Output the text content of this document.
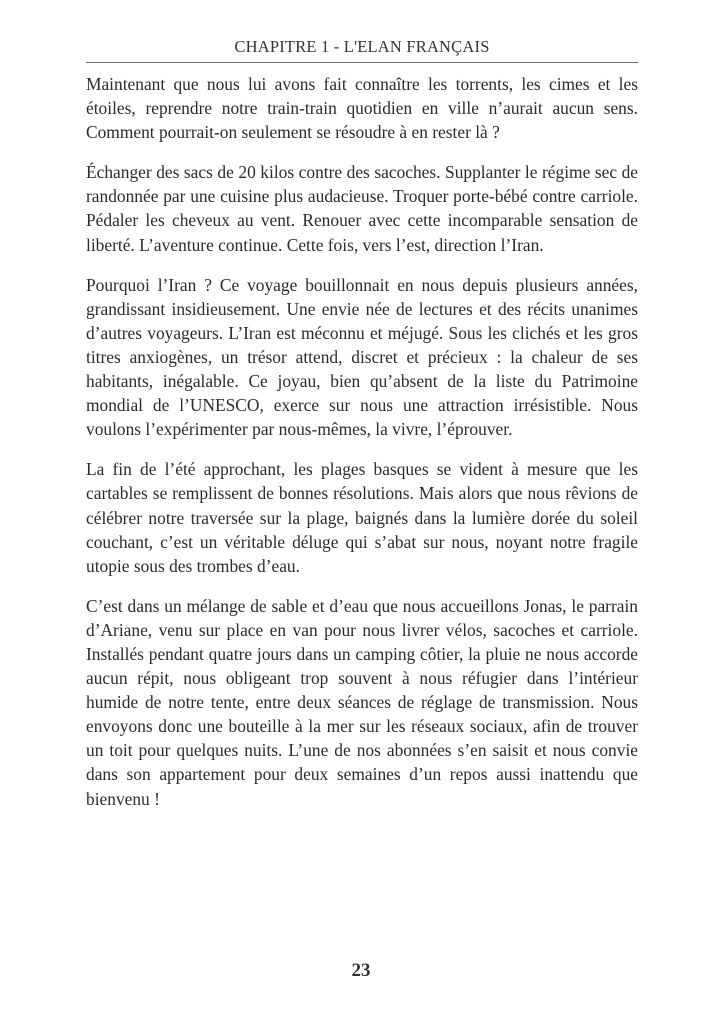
CHAPITRE 1 - L'ELAN FRANÇAIS

Maintenant que nous lui avons fait connaître les torrents, les cimes et les étoiles, reprendre notre train-train quotidien en ville n’aurait aucun sens. Comment pourrait-on seulement se résoudre à en rester là ?

Échanger des sacs de 20 kilos contre des sacoches. Supplanter le régime sec de randonnée par une cuisine plus audacieuse. Troquer porte-bébé contre carriole. Pédaler les cheveux au vent. Renouer avec cette incomparable sensation de liberté. L’aventure continue. Cette fois, vers l’est, direction l’Iran.

Pourquoi l’Iran ? Ce voyage bouillonnait en nous depuis plusieurs années, grandissant insidieusement. Une envie née de lectures et des récits unanimes d’autres voyageurs. L’Iran est méconnu et méjugé. Sous les clichés et les gros titres anxiogènes, un trésor attend, discret et précieux : la chaleur de ses habitants, inégalable. Ce joyau, bien qu’absent de la liste du Patrimoine mondial de l’UNESCO, exerce sur nous une attraction irrésistible. Nous voulons l’expérimenter par nous-mêmes, la vivre, l’éprouver.

La fin de l’été approchant, les plages basques se vident à mesure que les cartables se remplissent de bonnes résolutions. Mais alors que nous rêvions de célébrer notre traversée sur la plage, baignés dans la lumière dorée du soleil couchant, c’est un véritable déluge qui s’abat sur nous, noyant notre fragile utopie sous des trombes d’eau.

C’est dans un mélange de sable et d’eau que nous accueillons Jonas, le parrain d’Ariane, venu sur place en van pour nous livrer vélos, sacoches et carriole. Installés pendant quatre jours dans un camping côtier, la pluie ne nous accorde aucun répit, nous obligeant trop souvent à nous réfugier dans l’intérieur humide de notre tente, entre deux séances de réglage de transmission. Nous envoyons donc une bouteille à la mer sur les réseaux sociaux, afin de trouver un toit pour quelques nuits. L’une de nos abonnées s’en saisit et nous convie dans son appartement pour deux semaines d’un repos aussi inattendu que bienvenu !

23
